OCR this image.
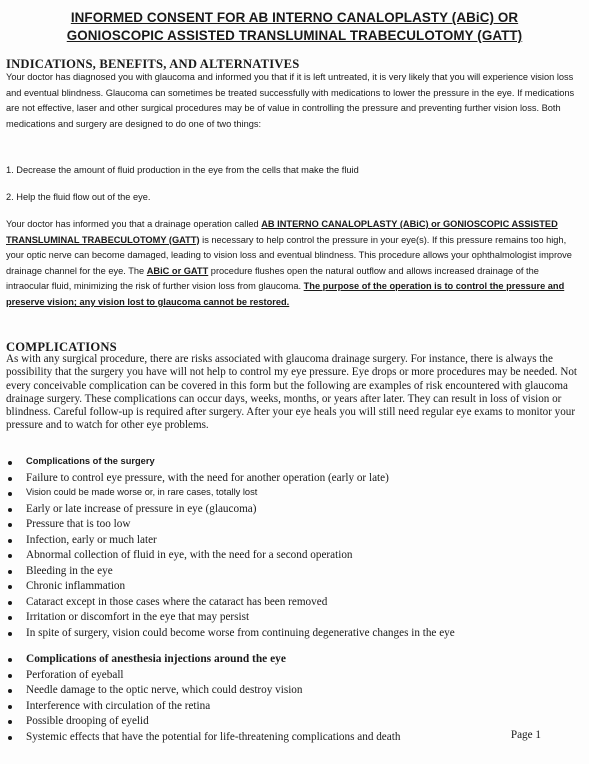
INFORMED CONSENT FOR AB INTERNO CANALOPLASTY (ABiC) OR
GONIOSCOPIC ASSISTED TRANSLUMINAL TRABECULOTOMY (GATT)
INDICATIONS, BENEFITS, AND ALTERNATIVES
Your doctor has diagnosed you with glaucoma and informed you that if it is left untreated, it is very likely that you will experience vision loss and eventual blindness. Glaucoma can sometimes be treated successfully with medications to lower the pressure in the eye. If medications are not effective, laser and other surgical procedures may be of value in controlling the pressure and preventing further vision loss. Both medications and surgery are designed to do one of two things:
1. Decrease the amount of fluid production in the eye from the cells that make the fluid
2. Help the fluid flow out of the eye.
Your doctor has informed you that a drainage operation called AB INTERNO CANALOPLASTY (ABiC) or GONIOSCOPIC ASSISTED TRANSLUMINAL TRABECULOTOMY (GATT) is necessary to help control the pressure in your eye(s). If this pressure remains too high, your optic nerve can become damaged, leading to vision loss and eventual blindness. This procedure allows your ophthalmologist improve drainage channel for the eye. The ABiC or GATT procedure flushes open the natural outflow and allows increased drainage of the intraocular fluid, minimizing the risk of further vision loss from glaucoma. The purpose of the operation is to control the pressure and preserve vision; any vision lost to glaucoma cannot be restored.
COMPLICATIONS
As with any surgical procedure, there are risks associated with glaucoma drainage surgery. For instance, there is always the possibility that the surgery you have will not help to control my eye pressure. Eye drops or more procedures may be needed. Not every conceivable complication can be covered in this form but the following are examples of risk encountered with glaucoma drainage surgery. These complications can occur days, weeks, months, or years after later. They can result in loss of vision or blindness. Careful follow-up is required after surgery. After your eye heals you will still need regular eye exams to monitor your pressure and to watch for other eye problems.
Complications of the surgery
Failure to control eye pressure, with the need for another operation (early or late)
Vision could be made worse or, in rare cases, totally lost
Early or late increase of pressure in eye (glaucoma)
Pressure that is too low
Infection, early or much later
Abnormal collection of fluid in eye, with the need for a second operation
Bleeding in the eye
Chronic inflammation
Cataract except in those cases where the cataract has been removed
Irritation or discomfort in the eye that may persist
In spite of surgery, vision could become worse from continuing degenerative changes in the eye
Complications of anesthesia injections around the eye
Perforation of eyeball
Needle damage to the optic nerve, which could destroy vision
Interference with circulation of the retina
Possible drooping of eyelid
Systemic effects that have the potential for life-threatening complications and death	Page 1
